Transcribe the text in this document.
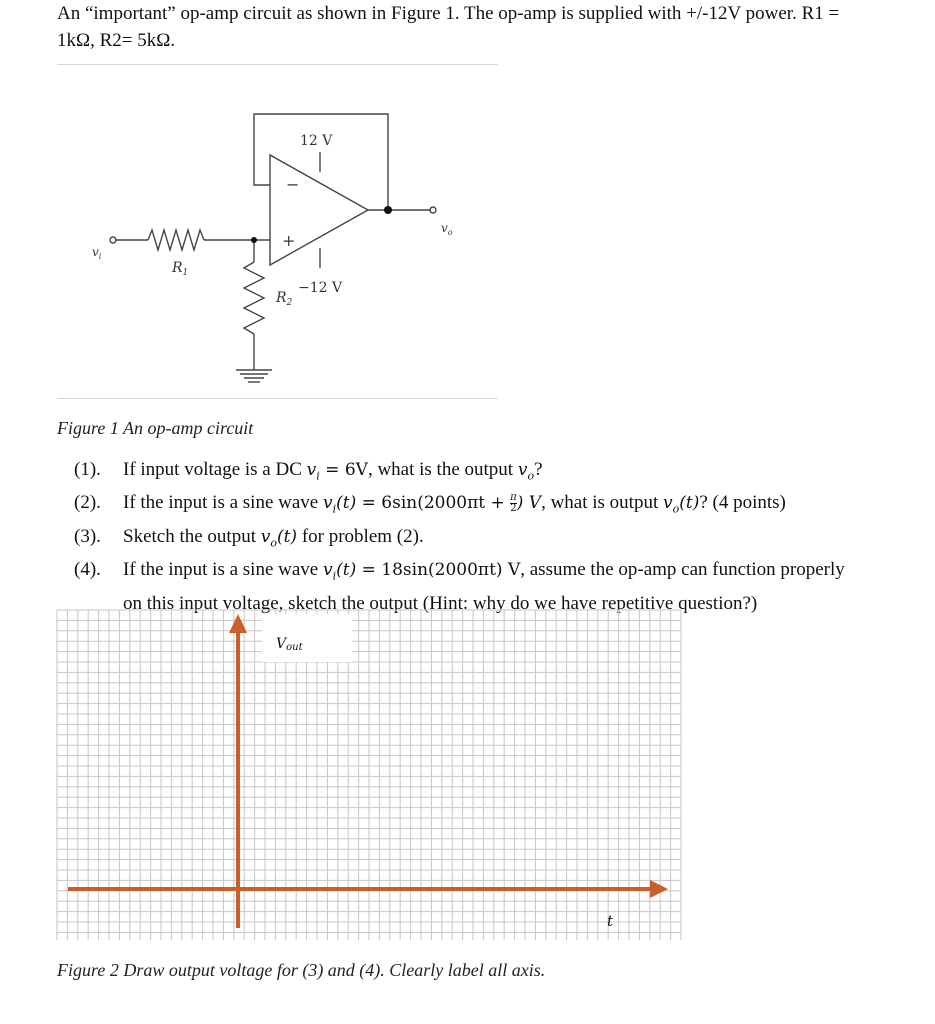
An “important” op-amp circuit as shown in Figure 1. The op-amp is supplied with +/-12V power. R1 =
1kΩ, R2= 5kΩ.
12 V
−12 V
−
+
$v_i$
$v_o$
$R_1$
$R_2$
Figure 1 An op-amp circuit
(1). If input voltage is a DC $v_i = 6V$, what is the output $v_o$?
(2). If the input is a sine wave $v_i(t) = 6\sin(2000\pi t + \frac{\pi}{2}$ ) V, what is output $v_o(t)$? (4 points)
(3). Sketch the output $v_o(t)$ for problem (2).
(4). If the input is a sine wave $v_i(t) = 18\sin(2000\pi t)$ V, assume the op-amp can function properly
on this input voltage, sketch the output (Hint: why do we have repetitive question?)
Vout
t
Figure 2 Draw output voltage for (3) and (4). Clearly label all axis.
